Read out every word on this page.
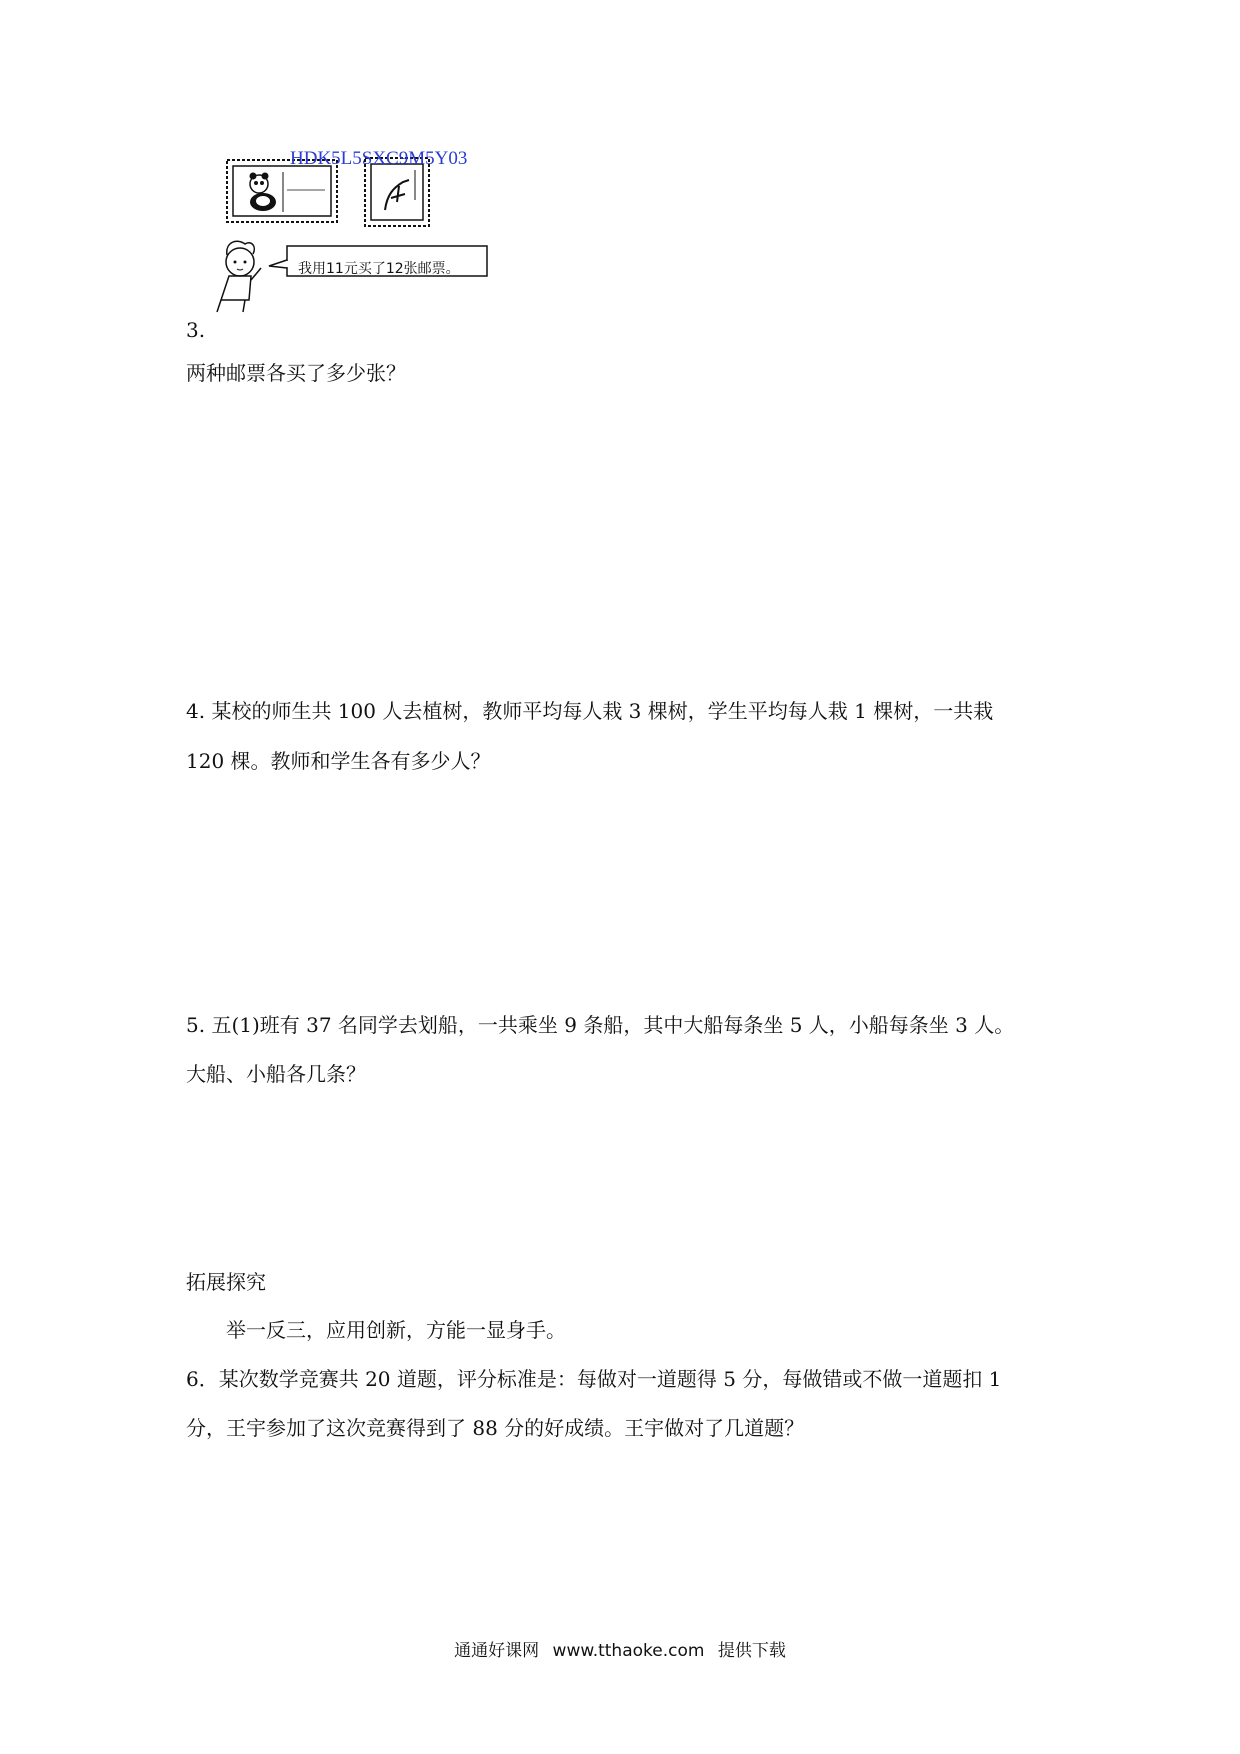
HDK5L5SXC9M5Y03
我用11元买了12张邮票。
3.
两种邮票各买了多少张？
4. 某校的师生共 100 人去植树，教师平均每人栽 3 棵树，学生平均每人栽 1 棵树，一共栽
120 棵。教师和学生各有多少人？
5. 五(1)班有 37 名同学去划船，一共乘坐 9 条船，其中大船每条坐 5 人，小船每条坐 3 人。
大船、小船各几条？
拓展探究
举一反三，应用创新，方能一显身手。
6．某次数学竞赛共 20 道题，评分标准是：每做对一道题得 5 分，每做错或不做一道题扣 1
分，王宇参加了这次竞赛得到了 88 分的好成绩。王宇做对了几道题？
通通好课网 www.tthaoke.com 提供下载
